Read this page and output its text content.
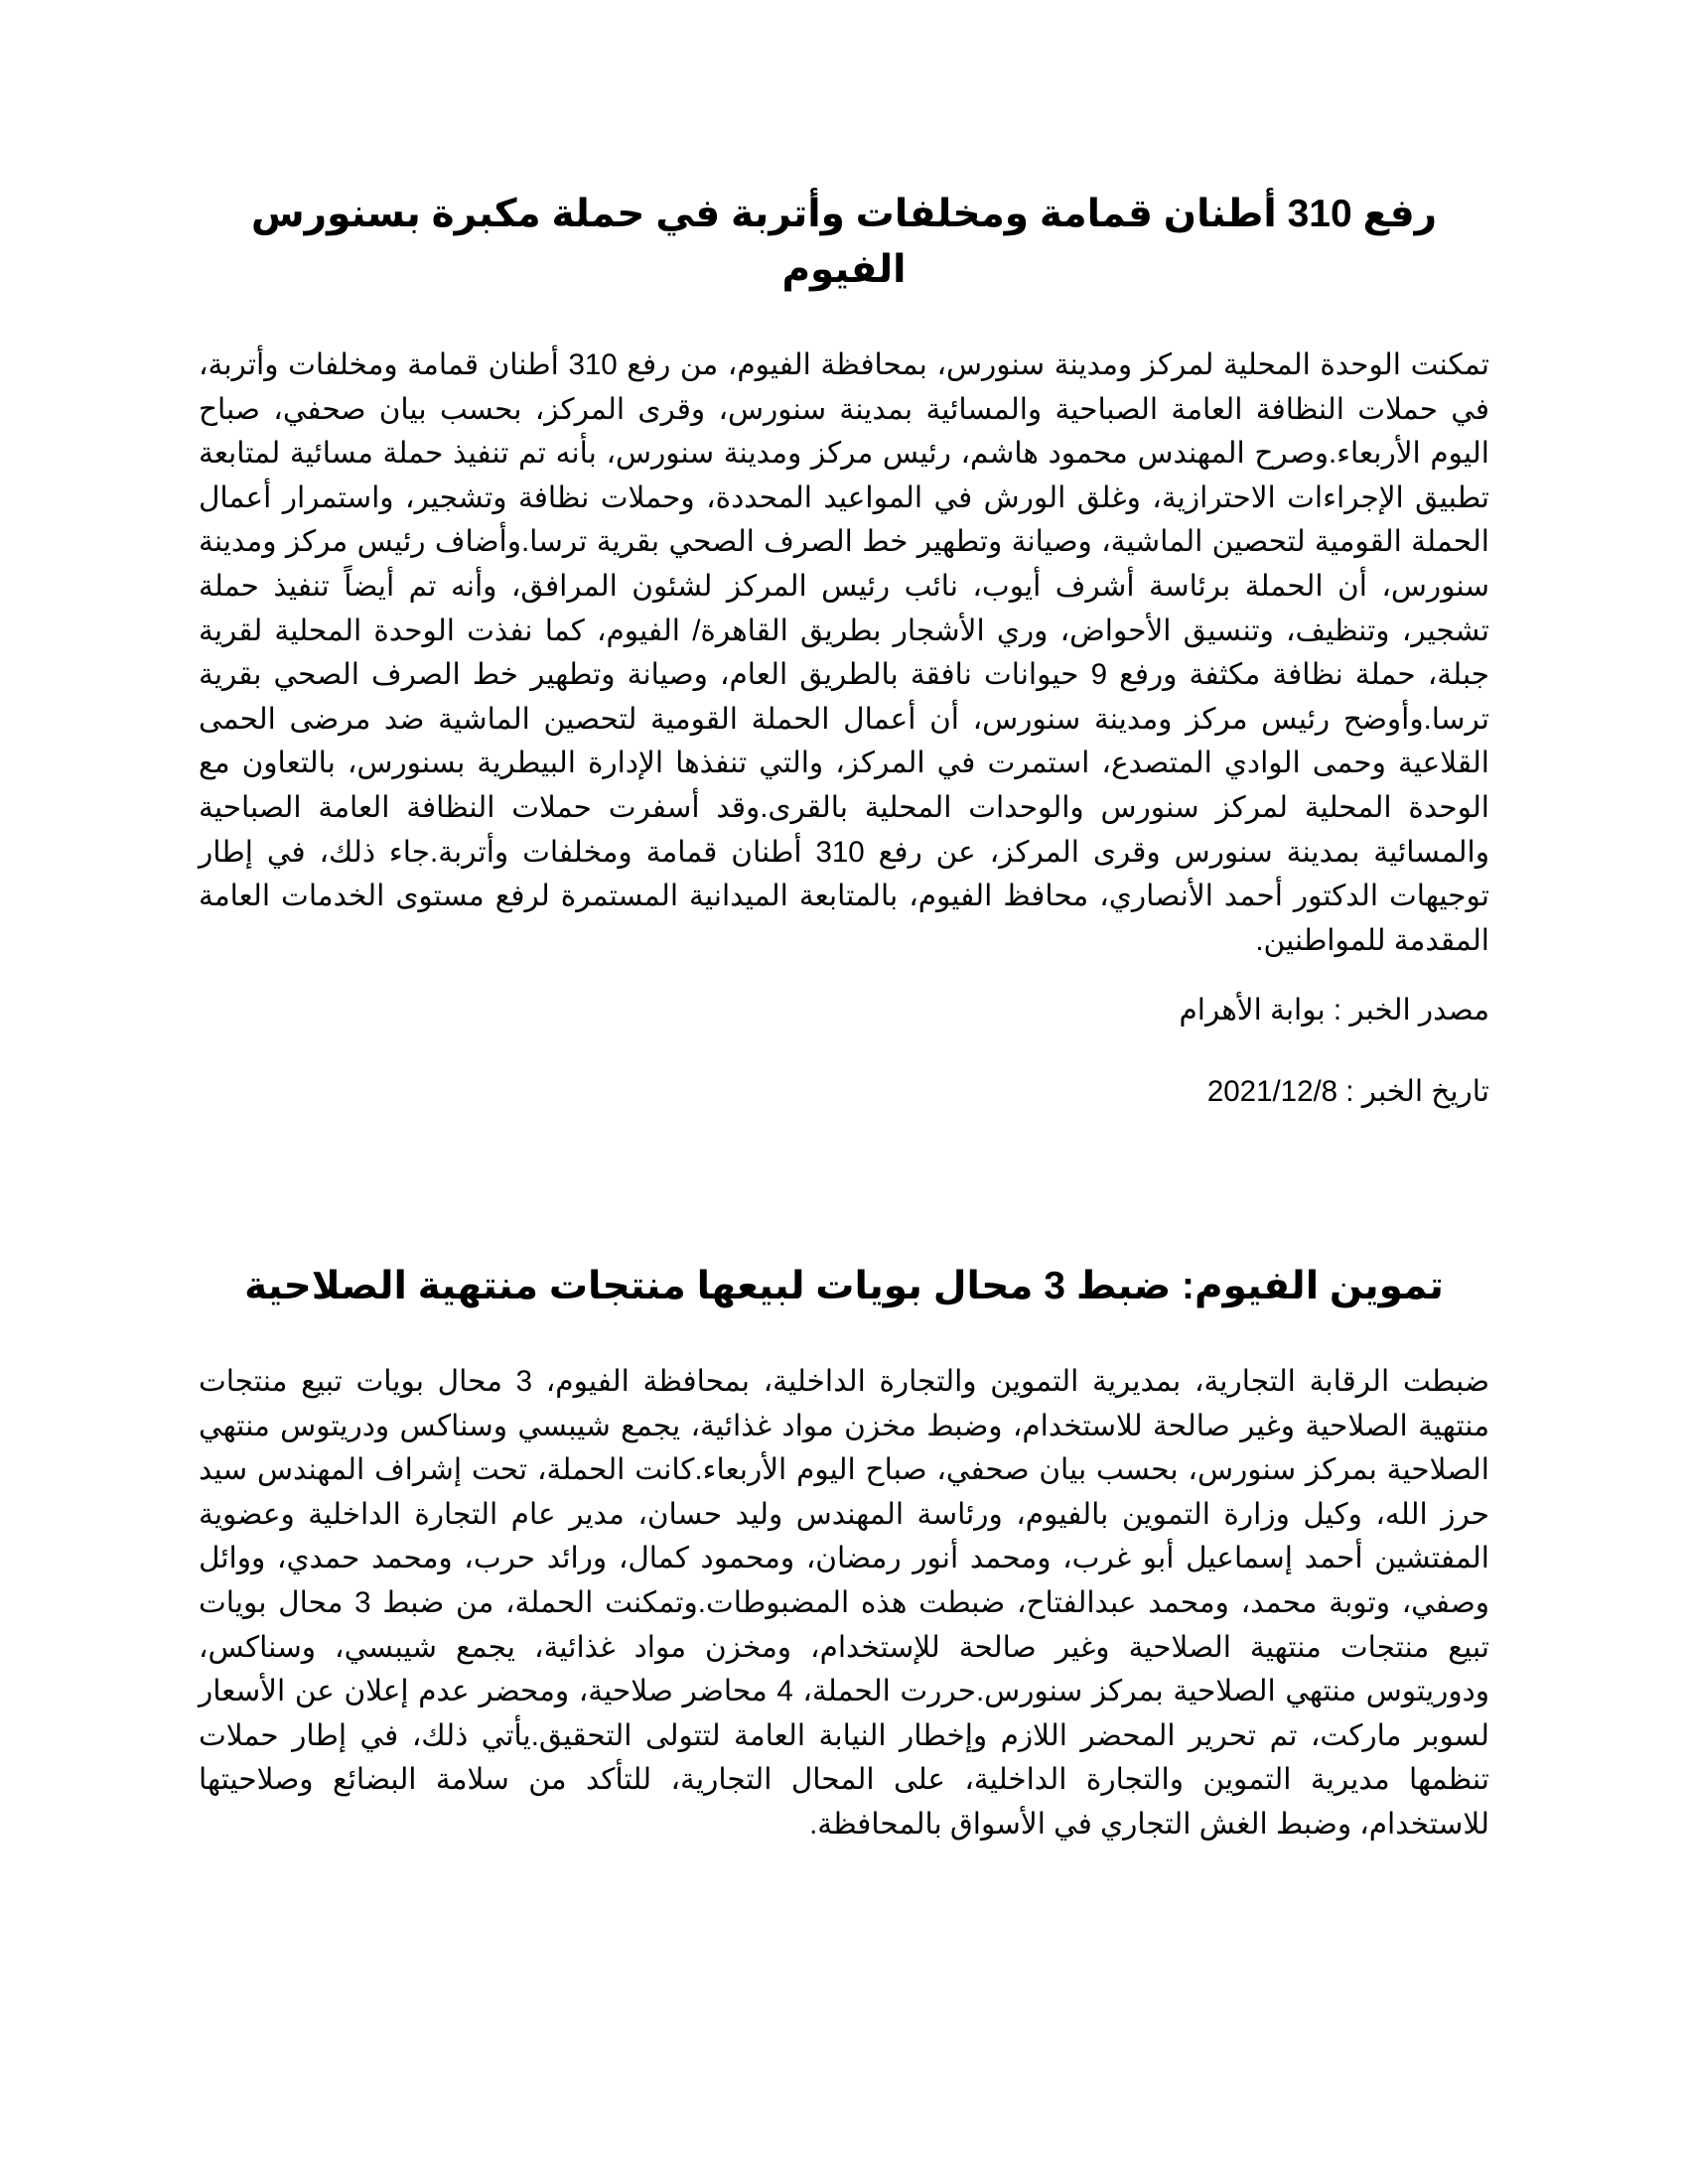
رفع 310 أطنان قمامة ومخلفات وأتربة في حملة مكبرة بسنورس الفيوم

تمكنت الوحدة المحلية لمركز ومدينة سنورس، بمحافظة الفيوم، من رفع 310 أطنان قمامة ومخلفات وأتربة، في حملات النظافة العامة الصباحية والمسائية بمدينة سنورس، وقرى المركز، بحسب بيان صحفي، صباح اليوم الأربعاء.وصرح المهندس محمود هاشم، رئيس مركز ومدينة سنورس، بأنه تم تنفيذ حملة مسائية لمتابعة تطبيق الإجراءات الاحترازية، وغلق الورش في المواعيد المحددة، وحملات نظافة وتشجير، واستمرار أعمال الحملة القومية لتحصين الماشية، وصيانة وتطهير خط الصرف الصحي بقرية ترسا.وأضاف رئيس مركز ومدينة سنورس، أن الحملة برئاسة أشرف أيوب، نائب رئيس المركز لشئون المرافق، وأنه تم أيضاً تنفيذ حملة تشجير، وتنظيف، وتنسيق الأحواض، وري الأشجار بطريق القاهرة/ الفيوم، كما نفذت الوحدة المحلية لقرية جبلة، حملة نظافة مكثفة ورفع 9 حيوانات نافقة بالطريق العام، وصيانة وتطهير خط الصرف الصحي بقرية ترسا.وأوضح رئيس مركز ومدينة سنورس، أن أعمال الحملة القومية لتحصين الماشية ضد مرضى الحمى القلاعية وحمى الوادي المتصدع، استمرت في المركز، والتي تنفذها الإدارة البيطرية بسنورس، بالتعاون مع الوحدة المحلية لمركز سنورس والوحدات المحلية بالقرى.وقد أسفرت حملات النظافة العامة الصباحية والمسائية بمدينة سنورس وقرى المركز، عن رفع 310 أطنان قمامة ومخلفات وأتربة.جاء ذلك، في إطار توجيهات الدكتور أحمد الأنصاري، محافظ الفيوم، بالمتابعة الميدانية المستمرة لرفع مستوى الخدمات العامة المقدمة للمواطنين.

مصدر الخبر : بوابة الأهرام

تاريخ الخبر : 2021/12/8

تموين الفيوم: ضبط 3 محال بويات لبيعها منتجات منتهية الصلاحية

ضبطت الرقابة التجارية، بمديرية التموين والتجارة الداخلية، بمحافظة الفيوم، 3 محال بويات تبيع منتجات منتهية الصلاحية وغير صالحة للاستخدام، وضبط مخزن مواد غذائية، يجمع شيبسي وسناكس ودريتوس منتهي الصلاحية بمركز سنورس، بحسب بيان صحفي، صباح اليوم الأربعاء.كانت الحملة، تحت إشراف المهندس سيد حرز الله، وكيل وزارة التموين بالفيوم، ورئاسة المهندس وليد حسان، مدير عام التجارة الداخلية وعضوية المفتشين أحمد إسماعيل أبو غرب، ومحمد أنور رمضان، ومحمود كمال، ورائد حرب، ومحمد حمدي، ووائل وصفي، وتوبة محمد، ومحمد عبدالفتاح، ضبطت هذه المضبوطات.وتمكنت الحملة، من ضبط 3 محال بويات تبيع منتجات منتهية الصلاحية وغير صالحة للإستخدام، ومخزن مواد غذائية، يجمع شيبسي، وسناكس، ودوريتوس منتهي الصلاحية بمركز سنورس.حررت الحملة، 4 محاضر صلاحية، ومحضر عدم إعلان عن الأسعار لسوبر ماركت، تم تحرير المحضر اللازم وإخطار النيابة العامة لتتولى التحقيق.يأتي ذلك، في إطار حملات تنظمها مديرية التموين والتجارة الداخلية، على المحال التجارية، للتأكد من سلامة البضائع وصلاحيتها للاستخدام، وضبط الغش التجاري في الأسواق بالمحافظة.
